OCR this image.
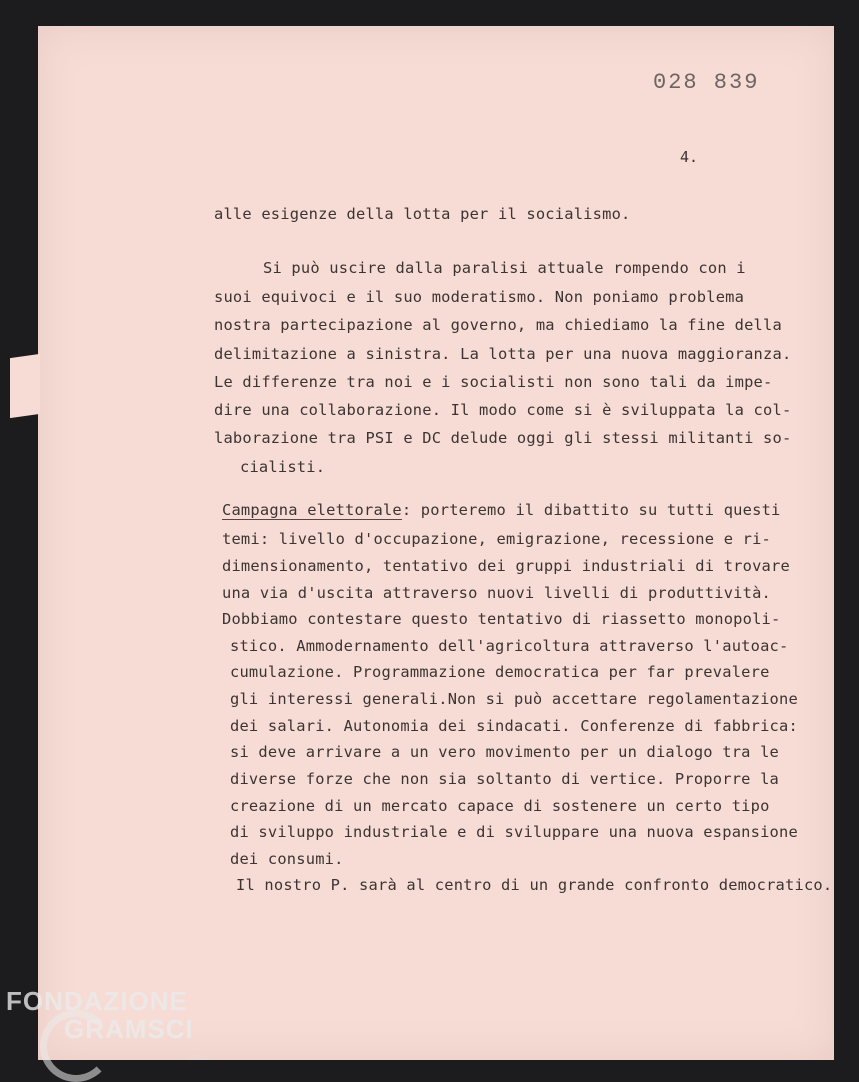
028 839
4.
alle esigenze della lotta per il socialismo.
Si può uscire dalla paralisi attuale rompendo con i
suoi equivoci e il suo moderatismo. Non poniamo problema
nostra partecipazione al governo, ma chiediamo la fine della
delimitazione a sinistra. La lotta per una nuova maggioranza.
Le differenze tra noi e i socialisti non sono tali da impe-
dire una collaborazione. Il modo come si è sviluppata la col-
laborazione tra PSI e DC delude oggi gli stessi militanti so-
cialisti.
Campagna elettorale: porteremo il dibattito su tutti questi
temi: livello d'occupazione, emigrazione, recessione e ri-
dimensionamento, tentativo dei gruppi industriali di trovare
una via d'uscita attraverso nuovi livelli di produttività.
Dobbiamo contestare questo tentativo di riassetto monopoli-
stico. Ammodernamento dell'agricoltura attraverso l'autoac-
cumulazione. Programmazione democratica per far prevalere
gli interessi generali.Non si può accettare regolamentazione
dei salari. Autonomia dei sindacati. Conferenze di fabbrica:
si deve arrivare a un vero movimento per un dialogo tra le
diverse forze che non sia soltanto di vertice. Proporre la
creazione di un mercato capace di sostenere un certo tipo
di sviluppo industriale e di sviluppare una nuova espansione
dei consumi.
Il nostro P. sarà al centro di un grande confronto democratico.
FONDAZIONE
GRAMSCI
onlus
